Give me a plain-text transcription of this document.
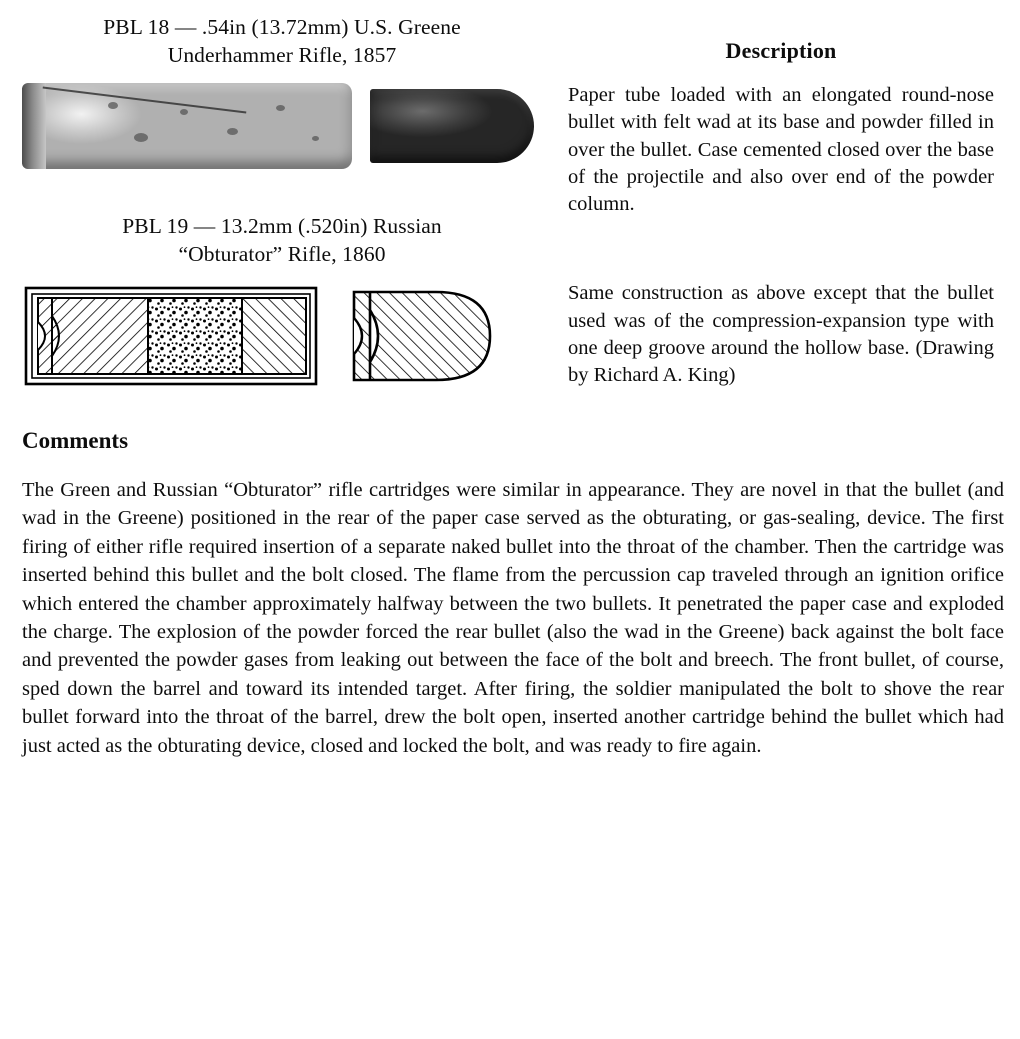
PBL 18 — .54in (13.72mm) U.S. Greene
Underhammer Rifle, 1857
PBL 19 — 13.2mm (.520in) Russian
“Obturator” Rifle, 1860
Description

Paper tube loaded with an elongated round-nose bullet with felt wad at its base and powder filled in over the bullet. Case cemented closed over the base of the projectile and also over end of the powder column.

Same construction as above except that the bullet used was of the compression-expansion type with one deep groove around the hollow base. (Drawing by Richard A. King)

Comments

The Green and Russian “Obturator” rifle cartridges were similar in appearance. They are novel in that the bullet (and wad in the Greene) positioned in the rear of the paper case served as the obturating, or gas-sealing, device. The first firing of either rifle required insertion of a separate naked bullet into the throat of the chamber. Then the cartridge was inserted behind this bullet and the bolt closed. The flame from the percussion cap traveled through an ignition orifice which entered the chamber approximately halfway between the two bullets. It penetrated the paper case and exploded the charge. The explosion of the powder forced the rear bullet (also the wad in the Greene) back against the bolt face and prevented the powder gases from leaking out between the face of the bolt and breech. The front bullet, of course, sped down the barrel and toward its intended target. After firing, the soldier manipulated the bolt to shove the rear bullet forward into the throat of the barrel, drew the bolt open, inserted another cartridge behind the bullet which had just acted as the obturating device, closed and locked the bolt, and was ready to fire again.
